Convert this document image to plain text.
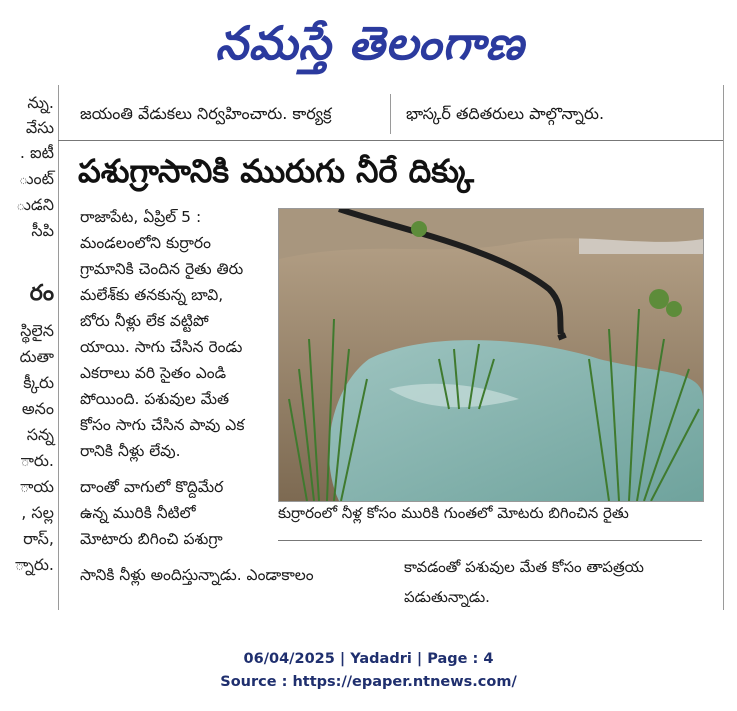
నమస్తే తెలంగాణ
న్ను.
వేసు
. ఐటీ
ుంట్
ుడని
సీపి
రం
స్థిలైన
దుతా
క్కీరు
అనం
సన్న
ారు.
ాయ
, సల్ల
రాస్,
్నారు.
జయంతి వేడుకలు నిర్వహించారు. కార్యక్ర	భాస్కర్ తదితరులు పాల్గొన్నారు.
పశుగ్రాసానికి మురుగు నీరే దిక్కు
రాజాపేట, ఏప్రిల్ 5 :
మండలంలోని కుర్రారం
గ్రామానికి చెందిన రైతు తిరు
మలేశ్‌కు తనకున్న బావి,
బోరు నీళ్లు లేక వట్టిపో
యాయి. సాగు చేసిన రెండు
ఎకరాలు వరి సైతం ఎండి
పోయింది. పశువుల మేత
కోసం సాగు చేసిన పావు ఎక
రానికి నీళ్లు లేవు.
దాంతో వాగులో కొద్దిమేర
ఉన్న మురికి నీటిలో
మోటారు బిగించి పశుగ్రా
సానికి నీళ్లు అందిస్తున్నాడు. ఎండాకాలం
కుర్రారంలో నీళ్ల కోసం మురికి గుంతలో మోటరు బిగించిన రైతు
కావడంతో పశువుల మేత కోసం తాపత్రయ
పడుతున్నాడు.
06/04/2025 | Yadadri | Page : 4
Source : https://epaper.ntnews.com/
